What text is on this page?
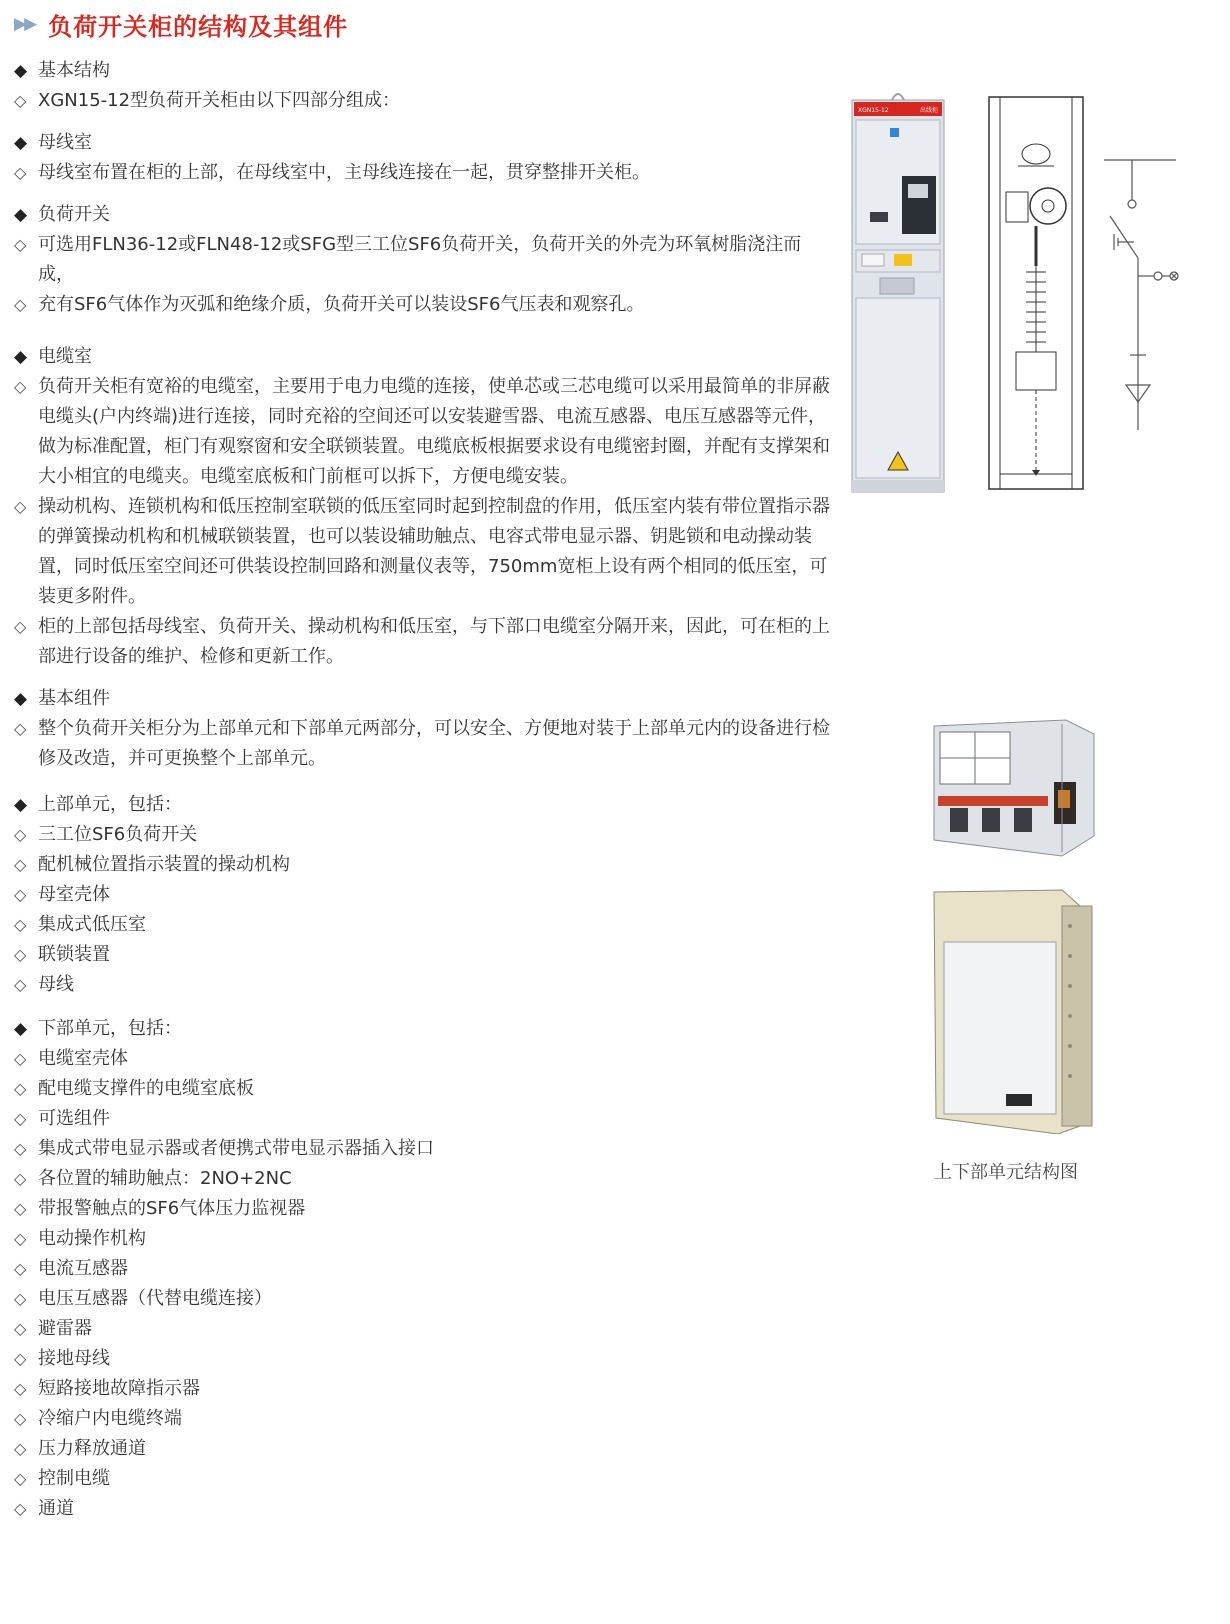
▶▶ 负荷开关柜的结构及其组件
◆ 基本结构
◇ XGN15-12型负荷开关柜由以下四部分组成：
◆ 母线室
◇ 母线室布置在柜的上部，在母线室中，主母线连接在一起，贯穿整排开关柜。
◆ 负荷开关
◇ 可选用FLN36-12或FLN48-12或SFG型三工位SF6负荷开关，负荷开关的外壳为环氧树脂浇注而成，
◇ 充有SF6气体作为灭弧和绝缘介质，负荷开关可以装设SF6气压表和观察孔。
◆ 电缆室
◇ 负荷开关柜有宽裕的电缆室，主要用于电力电缆的连接，使单芯或三芯电缆可以采用最简单的非屏蔽电缆头(户内终端)进行连接，同时充裕的空间还可以安装避雪器、电流互感器、电压互感器等元件，做为标准配置，柜门有观察窗和安全联锁装置。电缆底板根据要求设有电缆密封圈，并配有支撑架和大小相宜的电缆夹。电缆室底板和门前框可以拆下，方便电缆安装。
◇ 操动机构、连锁机构和低压控制室联锁的低压室同时起到控制盘的作用，低压室内装有带位置指示器的弹簧操动机构和机械联锁装置，也可以装设辅助触点、电容式带电显示器、钥匙锁和电动操动装置，同时低压室空间还可供装设控制回路和测量仪表等，750mm宽柜上设有两个相同的低压室，可装更多附件。
◇ 柜的上部包括母线室、负荷开关、操动机构和低压室，与下部口电缆室分隔开来，因此，可在柜的上部进行设备的维护、检修和更新工作。
◆ 基本组件
◇ 整个负荷开关柜分为上部单元和下部单元两部分，可以安全、方便地对装于上部单元内的设备进行检修及改造，并可更换整个上部单元。
◆ 上部单元，包括：
◇ 三工位SF6负荷开关
◇ 配机械位置指示装置的操动机构
◇ 母室壳体
◇ 集成式低压室
◇ 联锁装置
◇ 母线
◆ 下部单元，包括：
◇ 电缆室壳体
◇ 配电缆支撑件的电缆室底板
◇ 可选组件
◇ 集成式带电显示器或者便携式带电显示器插入接口
◇ 各位置的辅助触点：2NO+2NC
◇ 带报警触点的SF6气体压力监视器
◇ 电动操作机构
◇ 电流互感器
◇ 电压互感器（代替电缆连接）
◇ 避雷器
◇ 接地母线
◇ 短路接地故障指示器
◇ 冷缩户内电缆终端
◇ 压力释放通道
◇ 控制电缆
◇ 通道
XGN15-12	出线柜
上下部单元结构图
